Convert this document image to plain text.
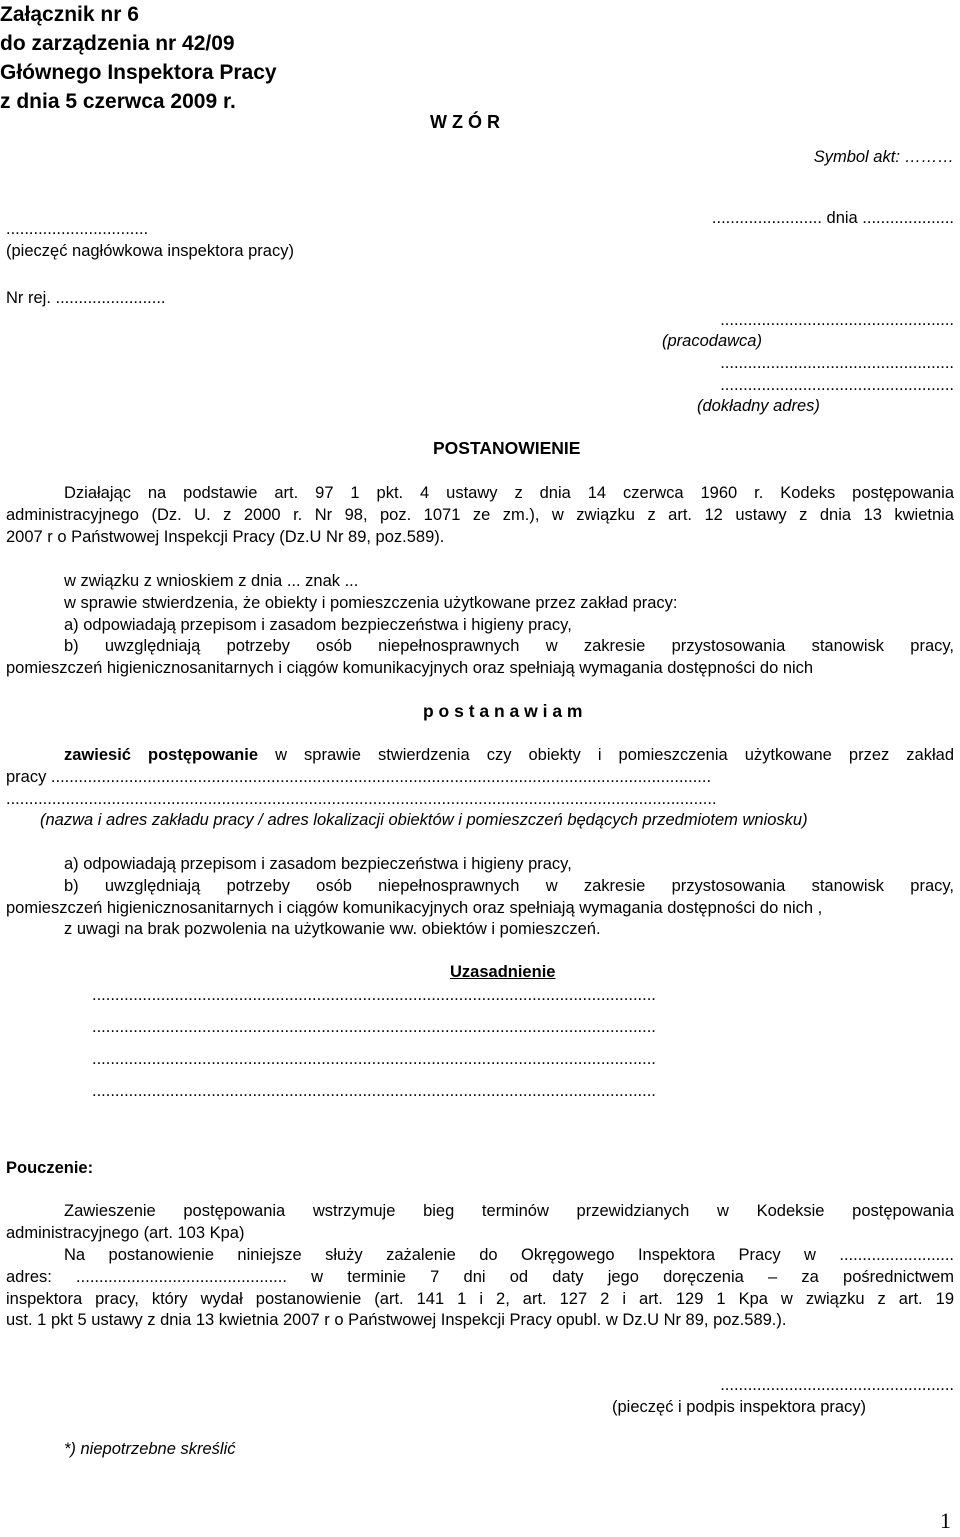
Załącznik nr 6
do zarządzenia nr 42/09
Głównego Inspektora Pracy
z dnia 5 czerwca 2009 r.
W Z Ó R
Symbol akt: ………
...............................
........................ dnia ....................
(pieczęć nagłówkowa inspektora pracy)
Nr rej. ........................
...................................................
(pracodawca)
...................................................
...................................................
(dokładny adres)
POSTANOWIENIE
Działając na podstawie art. 97 1 pkt. 4 ustawy z dnia 14 czerwca 1960 r. Kodeks postępowania
administracyjnego (Dz. U. z 2000 r. Nr 98, poz. 1071 ze zm.), w związku z art. 12 ustawy z dnia 13 kwietnia
2007 r o Państwowej Inspekcji Pracy (Dz.U Nr 89, poz.589).
w związku z wnioskiem z dnia ... znak ...
w sprawie stwierdzenia, że obiekty i pomieszczenia użytkowane przez zakład pracy:
a) odpowiadają przepisom i zasadom bezpieczeństwa i higieny pracy,
b) uwzględniają potrzeby osób niepełnosprawnych w zakresie przystosowania stanowisk pracy,
pomieszczeń higienicznosanitarnych i ciągów komunikacyjnych oraz spełniają wymagania dostępności do nich
p o s t a n a w i a m
zawiesić postępowanie w sprawie stwierdzenia czy obiekty i pomieszczenia użytkowane przez zakład
pracy ................................................................................................................................................
...........................................................................................................................................................
(nazwa i adres zakładu pracy / adres lokalizacji obiektów i pomieszczeń będących przedmiotem wniosku)
a) odpowiadają przepisom i zasadom bezpieczeństwa i higieny pracy,
b) uwzględniają potrzeby osób niepełnosprawnych w zakresie przystosowania stanowisk pracy,
pomieszczeń higienicznosanitarnych i ciągów komunikacyjnych oraz spełniają wymagania dostępności do nich ,
z uwagi na brak pozwolenia na użytkowanie ww. obiektów i pomieszczeń.
Uzasadnienie
...........................................................................................................................
...........................................................................................................................
...........................................................................................................................
...........................................................................................................................
Pouczenie:
Zawieszenie postępowania wstrzymuje bieg terminów przewidzianych w Kodeksie postępowania
administracyjnego (art. 103 Kpa)
Na postanowienie niniejsze służy zażalenie do Okręgowego Inspektora Pracy w .........................
adres: .............................................. w terminie 7 dni od daty jego doręczenia – za pośrednictwem
inspektora pracy, który wydał postanowienie (art. 141 1 i 2, art. 127 2 i art. 129 1 Kpa w związku z art. 19
ust. 1 pkt 5 ustawy z dnia 13 kwietnia 2007 r o Państwowej Inspekcji Pracy opubl. w Dz.U Nr 89, poz.589.).
...................................................
(pieczęć i podpis inspektora pracy)
*) niepotrzebne skreślić
1
